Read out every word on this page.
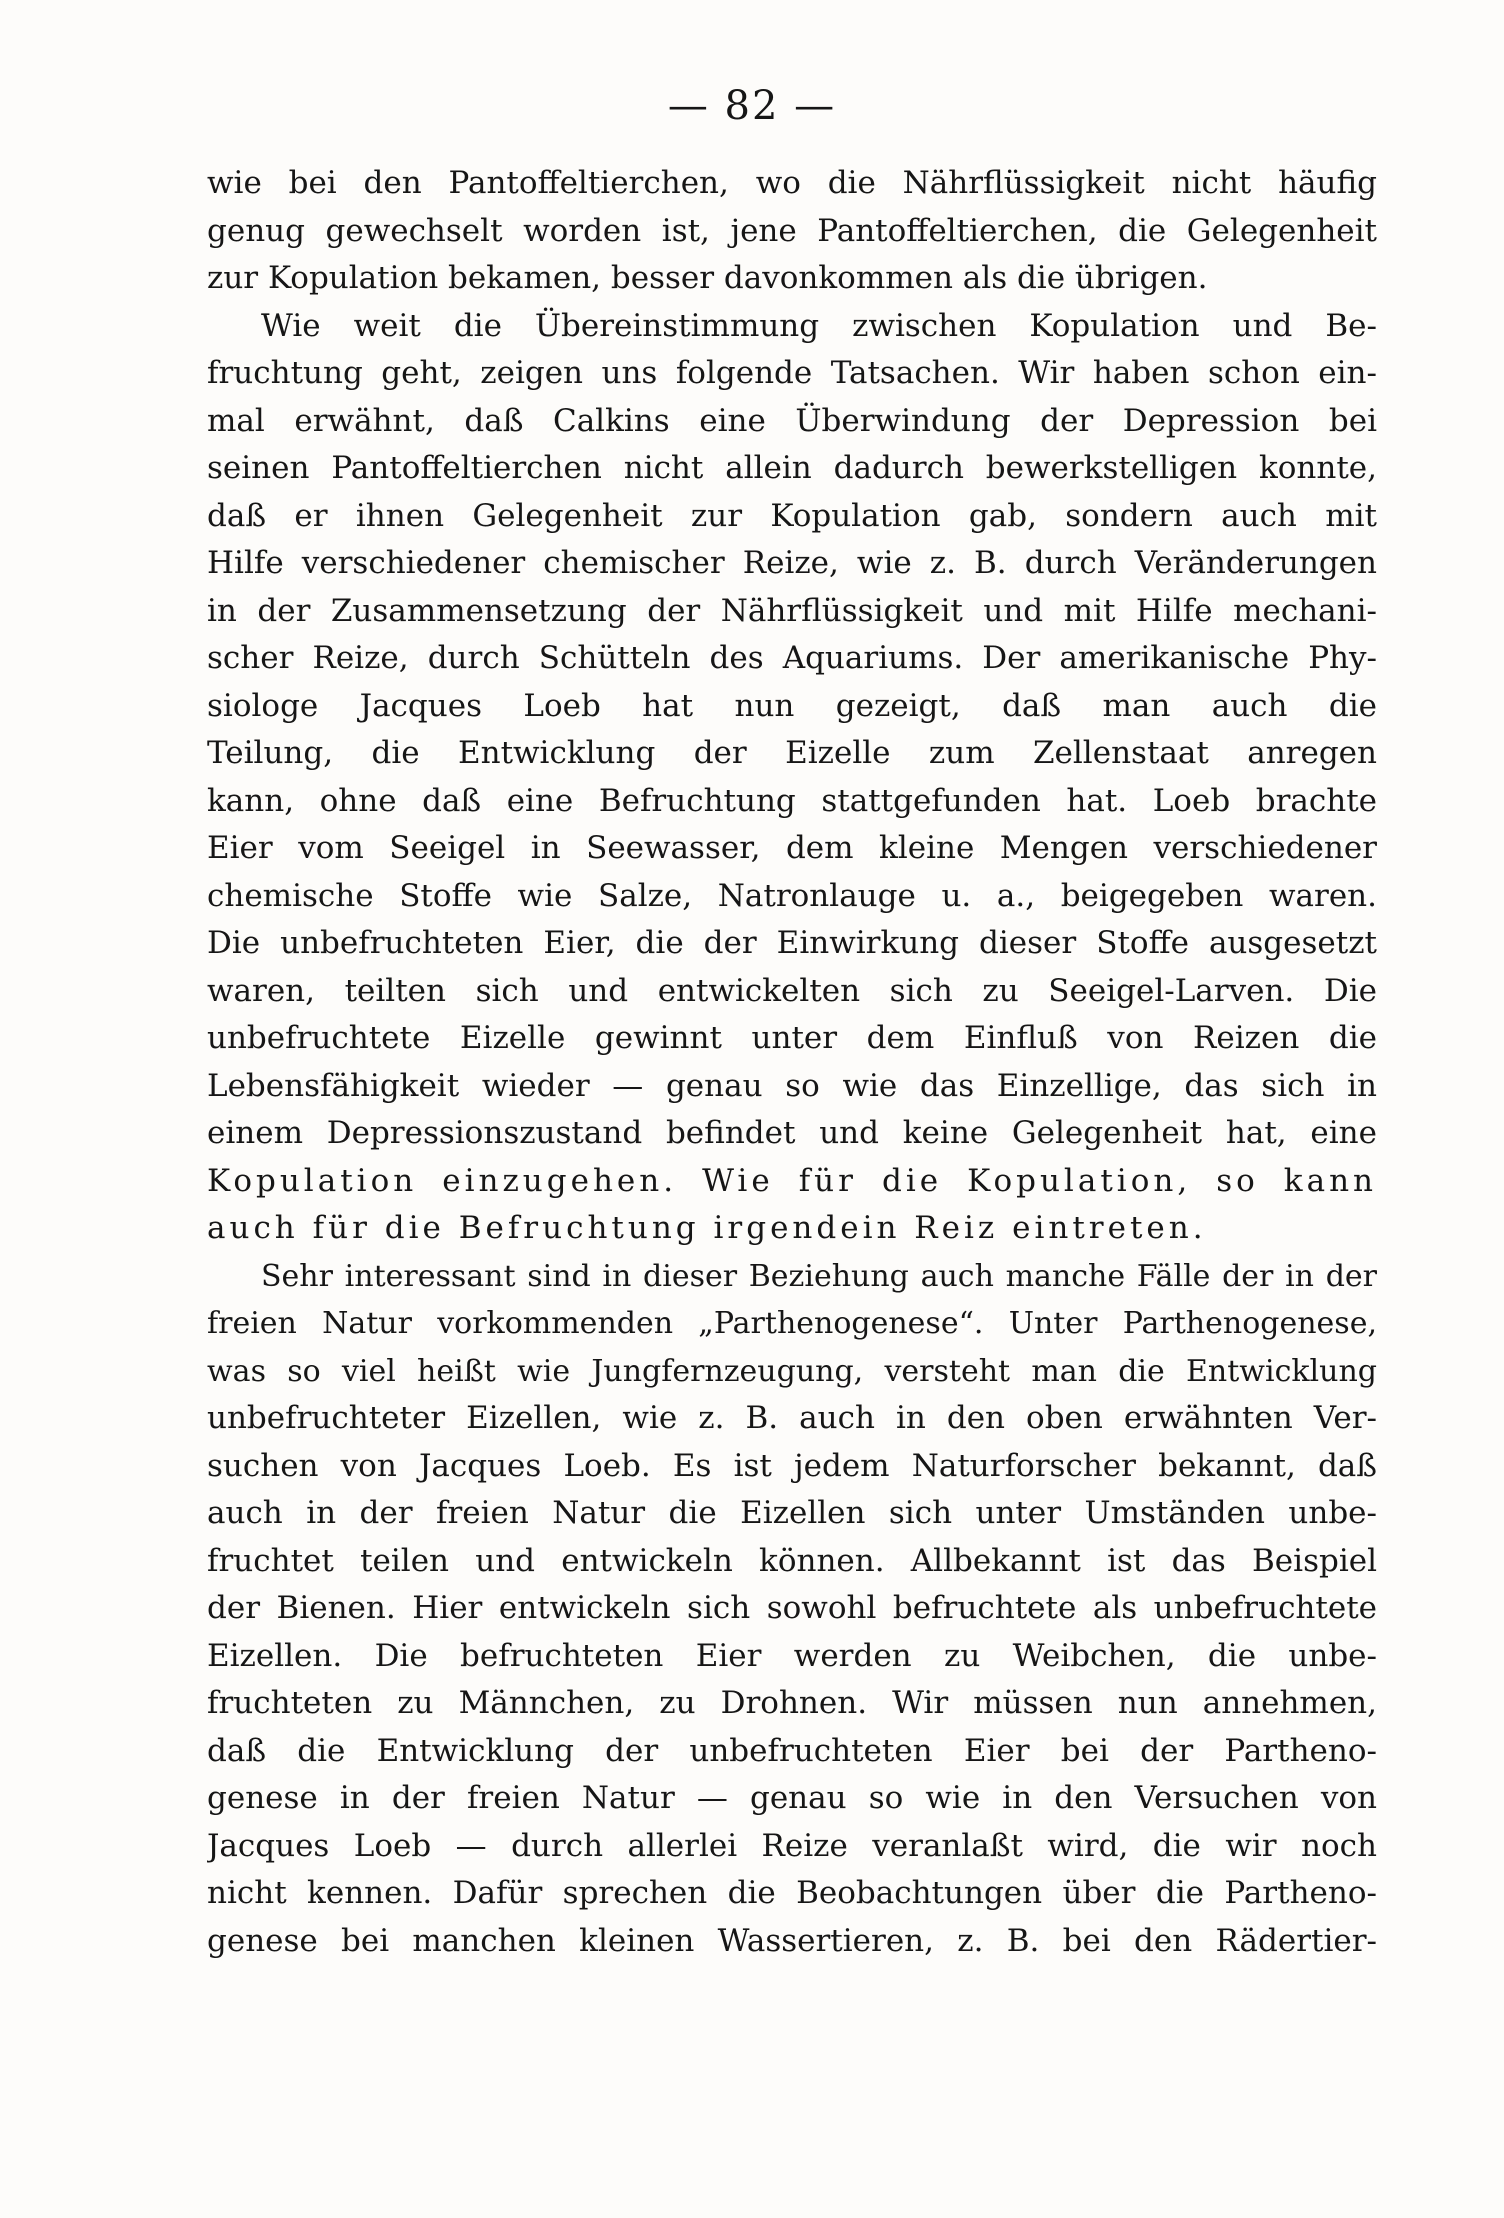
— 82 —
wie bei den Pantoffeltierchen, wo die Nährflüssigkeit nicht häufig
genug gewechselt worden ist, jene Pantoffeltierchen, die Gelegenheit
zur Kopulation bekamen, besser davonkommen als die übrigen.
Wie weit die Übereinstimmung zwischen Kopulation und Be-
fruchtung geht, zeigen uns folgende Tatsachen. Wir haben schon ein-
mal erwähnt, daß Calkins eine Überwindung der Depression bei
seinen Pantoffeltierchen nicht allein dadurch bewerkstelligen konnte,
daß er ihnen Gelegenheit zur Kopulation gab, sondern auch mit
Hilfe verschiedener chemischer Reize, wie z. B. durch Veränderungen
in der Zusammensetzung der Nährflüssigkeit und mit Hilfe mechani-
scher Reize, durch Schütteln des Aquariums. Der amerikanische Phy-
siologe Jacques Loeb hat nun gezeigt, daß man auch die
Teilung, die Entwicklung der Eizelle zum Zellenstaat anregen
kann, ohne daß eine Befruchtung stattgefunden hat. Loeb brachte
Eier vom Seeigel in Seewasser, dem kleine Mengen verschiedener
chemische Stoffe wie Salze, Natronlauge u. a., beigegeben waren.
Die unbefruchteten Eier, die der Einwirkung dieser Stoffe ausgesetzt
waren, teilten sich und entwickelten sich zu Seeigel-Larven. Die
unbefruchtete Eizelle gewinnt unter dem Einfluß von Reizen die
Lebensfähigkeit wieder — genau so wie das Einzellige, das sich in
einem Depressionszustand befindet und keine Gelegenheit hat, eine
Kopulation einzugehen. Wie für die Kopulation, so kann
auch für die Befruchtung irgendein Reiz eintreten.
Sehr interessant sind in dieser Beziehung auch manche Fälle der in der
freien Natur vorkommenden „Parthenogenese“. Unter Parthenogenese,
was so viel heißt wie Jungfernzeugung, versteht man die Entwicklung
unbefruchteter Eizellen, wie z. B. auch in den oben erwähnten Ver-
suchen von Jacques Loeb. Es ist jedem Naturforscher bekannt, daß
auch in der freien Natur die Eizellen sich unter Umständen unbe-
fruchtet teilen und entwickeln können. Allbekannt ist das Beispiel
der Bienen. Hier entwickeln sich sowohl befruchtete als unbefruchtete
Eizellen. Die befruchteten Eier werden zu Weibchen, die unbe-
fruchteten zu Männchen, zu Drohnen. Wir müssen nun annehmen,
daß die Entwicklung der unbefruchteten Eier bei der Partheno-
genese in der freien Natur — genau so wie in den Versuchen von
Jacques Loeb — durch allerlei Reize veranlaßt wird, die wir noch
nicht kennen. Dafür sprechen die Beobachtungen über die Partheno-
genese bei manchen kleinen Wassertieren, z. B. bei den Rädertier-
